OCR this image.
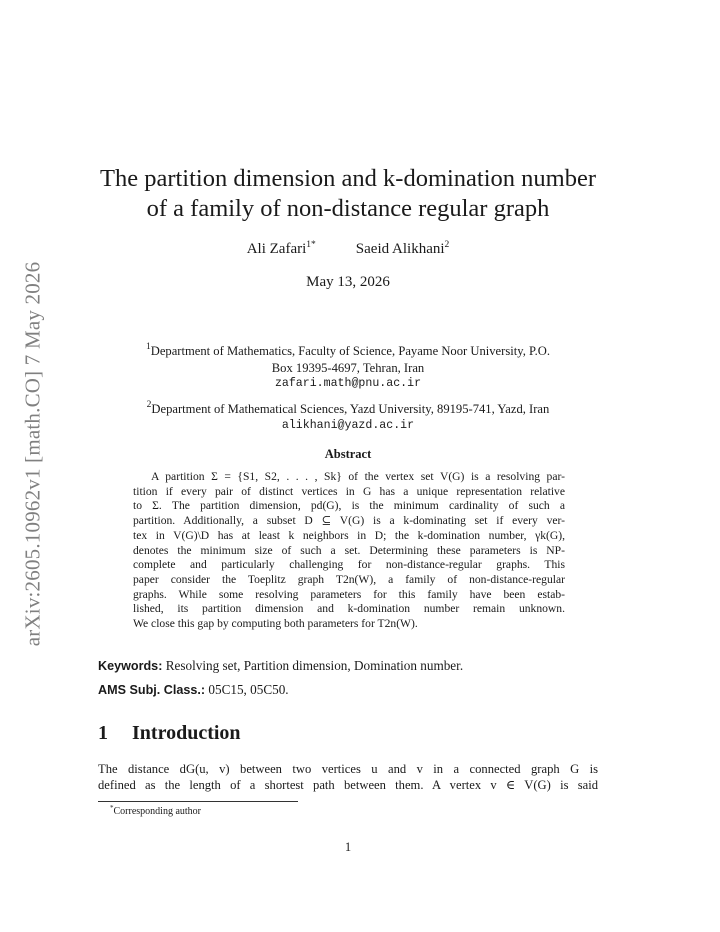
arXiv:2605.10962v1 [math.CO] 7 May 2026
The partition dimension and k-domination number
of a family of non-distance regular graph
Ali Zafari$^{1*}$	Saeid Alikhani$^2$
May 13, 2026
$^1$Department of Mathematics, Faculty of Science, Payame Noor University, P.O.
Box 19395-4697, Tehran, Iran
zafari.math@pnu.ac.ir
$^2$Department of Mathematical Sciences, Yazd University, 89195-741, Yazd, Iran
alikhani@yazd.ac.ir
Abstract
A partition Σ = {S1, S2, . . . , Sk} of the vertex set V(G) is a resolving par-
tition if every pair of distinct vertices in G has a unique representation relative
to Σ. The partition dimension, pd(G), is the minimum cardinality of such a
partition. Additionally, a subset D ⊆ V(G) is a k-dominating set if every ver-
tex in V(G)\D has at least k neighbors in D; the k-domination number, γk(G),
denotes the minimum size of such a set. Determining these parameters is NP-
complete and particularly challenging for non-distance-regular graphs. This
paper consider the Toeplitz graph T2n(W), a family of non-distance-regular
graphs. While some resolving parameters for this family have been estab-
lished, its partition dimension and k-domination number remain unknown.
We close this gap by computing both parameters for T2n(W).
Keywords: Resolving set, Partition dimension, Domination number.
AMS Subj. Class.: 05C15, 05C50.
1 Introduction
The distance dG(u, v) between two vertices u and v in a connected graph G is
defined as the length of a shortest path between them. A vertex v ∈ V(G) is said
*Corresponding author
1
